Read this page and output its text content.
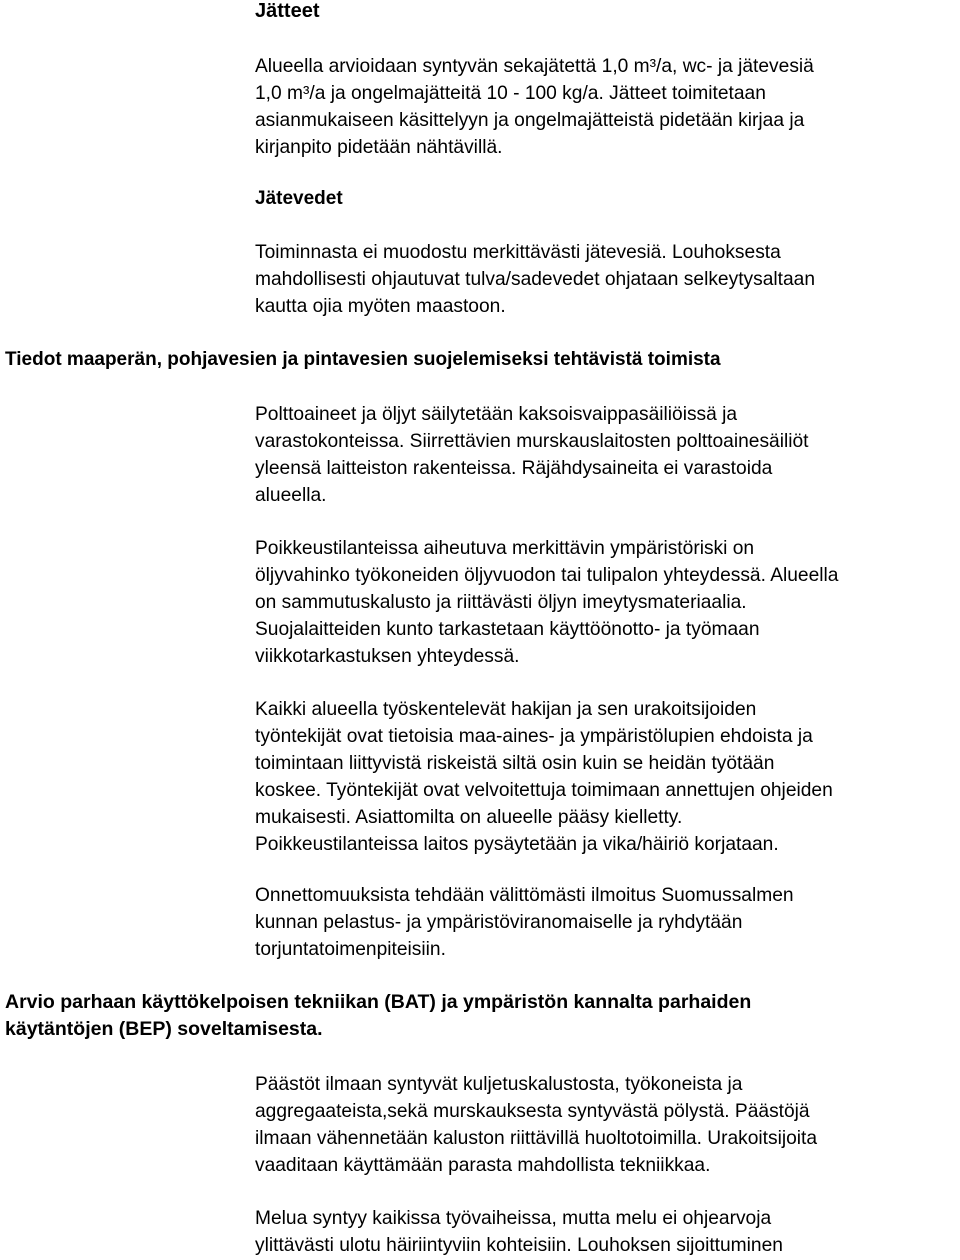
Jätteet

Alueella arvioidaan syntyvän sekajätettä 1,0 m³/a, wc- ja jätevesiä
1,0 m³/a ja ongelmajätteitä 10 - 100 kg/a. Jätteet toimitetaan
asianmukaiseen käsittelyyn ja ongelmajätteistä pidetään kirjaa ja
kirjanpito pidetään nähtävillä.

Jätevedet

Toiminnasta ei muodostu merkittävästi jätevesiä. Louhoksesta
mahdollisesti ohjautuvat tulva/sadevedet ohjataan selkeytysaltaan
kautta ojia myöten maastoon.

Tiedot maaperän, pohjavesien ja pintavesien suojelemiseksi tehtävistä toimista

Polttoaineet ja öljyt säilytetään kaksoisvaippasäiliöissä ja
varastokonteissa. Siirrettävien murskauslaitosten polttoainesäiliöt
yleensä laitteiston rakenteissa. Räjähdysaineita ei varastoida
alueella.

Poikkeustilanteissa aiheutuva merkittävin ympäristöriski on
öljyvahinko työkoneiden öljyvuodon tai tulipalon yhteydessä. Alueella
on sammutuskalusto ja riittävästi öljyn imeytysmateriaalia.
Suojalaitteiden kunto tarkastetaan käyttöönotto- ja työmaan
viikkotarkastuksen yhteydessä.

Kaikki alueella työskentelevät hakijan ja sen urakoitsijoiden
työntekijät ovat tietoisia maa-aines- ja ympäristölupien ehdoista ja
toimintaan liittyvistä riskeistä siltä osin kuin se heidän työtään
koskee. Työntekijät ovat velvoitettuja toimimaan annettujen ohjeiden
mukaisesti. Asiattomilta on alueelle pääsy kielletty.
Poikkeustilanteissa laitos pysäytetään ja vika/häiriö korjataan.

Onnettomuuksista tehdään välittömästi ilmoitus Suomussalmen
kunnan pelastus- ja ympäristöviranomaiselle ja ryhdytään
torjuntatoimenpiteisiin.

Arvio parhaan käyttökelpoisen tekniikan (BAT) ja ympäristön kannalta parhaiden
käytäntöjen (BEP) soveltamisesta.

Päästöt ilmaan syntyvät kuljetuskalustosta, työkoneista ja
aggregaateista,sekä murskauksesta syntyvästä pölystä. Päästöjä
ilmaan vähennetään kaluston riittävillä huoltotoimilla. Urakoitsijoita
vaaditaan käyttämään parasta mahdollista tekniikkaa.

Melua syntyy kaikissa työvaiheissa, mutta melu ei ohjearvoja
ylittävästi ulotu häiriintyviin kohteisiin. Louhoksen sijoittuminen
